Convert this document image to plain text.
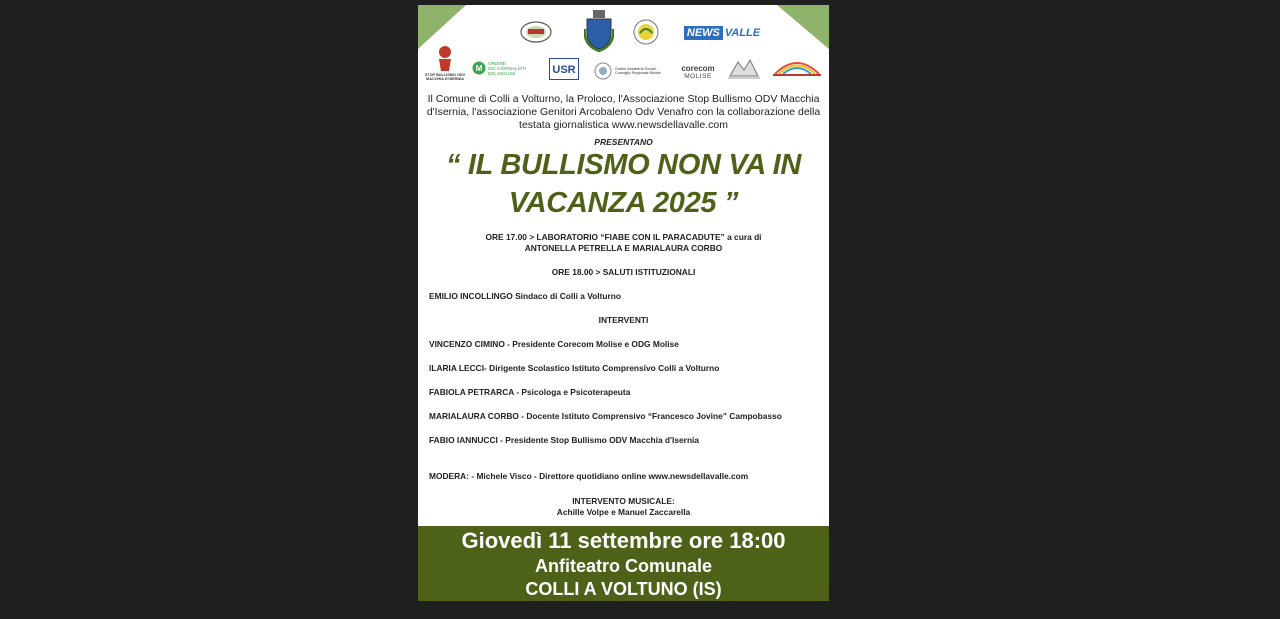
NEWS VALLE
STOP BULLISMO ODV
MACCHIA D'ISERNIA
M
ORDINE
DEI GIORNALISTI
DEL MOLISE	USR	Ordine Assistenti Sociali · Consiglio Regionale Molise	corecom
MOLISE
Il Comune di Colli a Volturno, la Proloco, l'Associazione Stop Bullismo ODV Macchia d'Isernia, l'associazione Genitori Arcobaleno Odv Venafro con la collaborazione della testata giornalistica www.newsdellavalle.com
PRESENTANO
“ IL BULLISMO NON VA IN
VACANZA 2025 ”
ORE 17.00 > LABORATORIO “FIABE CON IL PARACADUTE” a cura di
ANTONELLA PETRELLA E MARIALAURA CORBO
ORE 18.00 > SALUTI ISTITUZIONALI
EMILIO INCOLLINGO Sindaco di Colli a Volturno
INTERVENTI
VINCENZO CIMINO - Presidente Corecom Molise e ODG Molise
ILARIA LECCI- Dirigente Scolastico Istituto Comprensivo Colli a Volturno
FABIOLA PETRARCA - Psicologa e Psicoterapeuta
MARIALAURA CORBO - Docente Istituto Comprensivo “Francesco Jovine” Campobasso
FABIO IANNUCCI - Presidente Stop Bullismo ODV Macchia d'Isernia
MODERA: - Michele Visco - Direttore quotidiano online www.newsdellavalle.com
INTERVENTO MUSICALE:
Achille Volpe e Manuel Zaccarella
Giovedì 11 settembre ore 18:00
Anfiteatro Comunale
COLLI A VOLTUNO (IS)
